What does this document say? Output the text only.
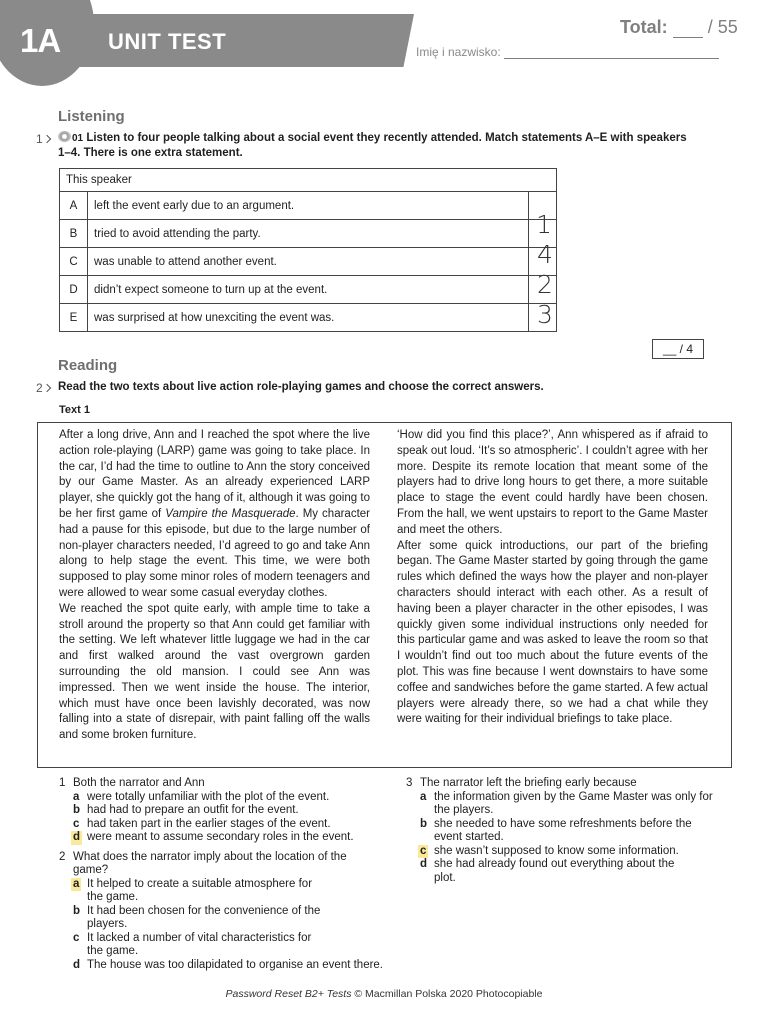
1A UNIT TEST
Total: / 55
Imię i nazwisko:
Listening
1	01 Listen to four people talking about a social event they recently attended. Match statements A–E with speakers 1–4. There is one extra statement.
This speaker		
A	left the event early due to an argument.	
B	tried to avoid attending the party.	1

C	was unable to attend another event.	4

D	didn’t expect someone to turn up at the event.	2

E	was surprised at how unexciting the event was.	3
__ / 4
Reading
2	Read the two texts about live action role-playing games and choose the correct answers.
Text 1

After a long drive, Ann and I reached the spot where the live action role-playing (LARP) game was going to take place. In the car, I’d had the time to outline to Ann the story conceived by our Game Master. As an already experienced LARP player, she quickly got the hang of it, although it was going to be her first game of Vampire the Masquerade. My character had a pause for this episode, but due to the large number of non-player characters needed, I’d agreed to go and take Ann along to help stage the event. This time, we were both supposed to play some minor roles of modern teenagers and were allowed to wear some casual everyday clothes.

We reached the spot quite early, with ample time to take a stroll around the property so that Ann could get familiar with the setting. We left whatever little luggage we had in the car and first walked around the vast overgrown garden surrounding the old mansion. I could see Ann was impressed. Then we went inside the house. The interior, which must have once been lavishly decorated, was now falling into a state of disrepair, with paint falling off the walls and some broken furniture.

‘How did you find this place?’, Ann whispered as if afraid to speak out loud. ‘It’s so atmospheric’. I couldn’t agree with her more. Despite its remote location that meant some of the players had to drive long hours to get there, a more suitable place to stage the event could hardly have been chosen. From the hall, we went upstairs to report to the Game Master and meet the others.

After some quick introductions, our part of the briefing began. The Game Master started by going through the game rules which defined the ways how the player and non-player characters should interact with each other. As a result of having been a player character in the other episodes, I was quickly given some individual instructions only needed for this particular game and was asked to leave the room so that I wouldn’t find out too much about the future events of the plot. This was fine because I went downstairs to have some coffee and sandwiches before the game started. A few actual players were already there, so we had a chat while they were waiting for their individual briefings to take place.

1 Both the narrator and Ann
a were totally unfamiliar with the plot of the event.
b had had to prepare an outfit for the event.
c had taken part in the earlier stages of the event.
d were meant to assume secondary roles in the event.
2 What does the narrator imply about the location of the game?
a It helped to create a suitable atmosphere for the game.
b It had been chosen for the convenience of the players.
c It lacked a number of vital characteristics for the game.
d The house was too dilapidated to organise an event there.
3 The narrator left the briefing early because
a the information given by the Game Master was only for the players.
b she needed to have some refreshments before the event started.
c she wasn’t supposed to know some information.
d she had already found out everything about the plot.
Password Reset B2+ Tests © Macmillan Polska 2020 Photocopiable
